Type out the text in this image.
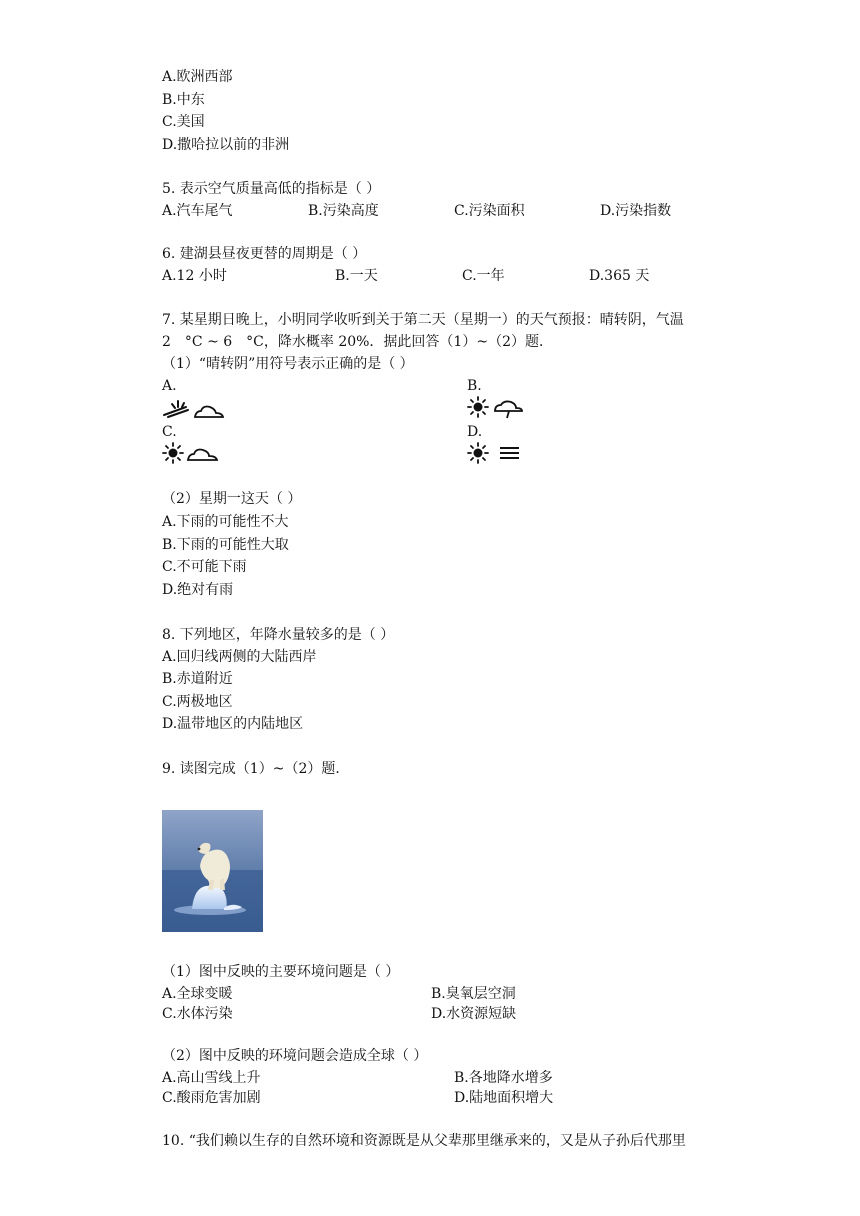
A.欧洲西部
B.中东
C.美国
D.撒哈拉以前的非洲
5. 表示空气质量高低的指标是（ ）
A.汽车尾气	B.污染高度	C.污染面积	D.污染指数
6. 建湖县昼夜更替的周期是（ ）
A.12 小时	B.一天	C.一年	D.365 天
7. 某星期日晚上，小明同学收听到关于第二天（星期一）的天气预报：晴转阴，气温
2　°C ~ 6　°C，降水概率 20%．据此回答（1）~（2）题．
（1）“晴转阴”用符号表示正确的是（ ）
A.	B.
C.	D.
（2）星期一这天（ ）
A.下雨的可能性不大
B.下雨的可能性大取
C.不可能下雨
D.绝对有雨
8. 下列地区，年降水量较多的是（ ）
A.回归线两侧的大陆西岸
B.赤道附近
C.两极地区
D.温带地区的内陆地区
9. 读图完成（1）~（2）题．
（1）图中反映的主要环境问题是（ ）
A.全球变暖	B.臭氧层空洞
C.水体污染	D.水资源短缺
（2）图中反映的环境问题会造成全球（ ）
A.高山雪线上升	B.各地降水增多
C.酸雨危害加剧	D.陆地面积增大
10. “我们赖以生存的自然环境和资源既是从父辈那里继承来的，又是从子孙后代那里
